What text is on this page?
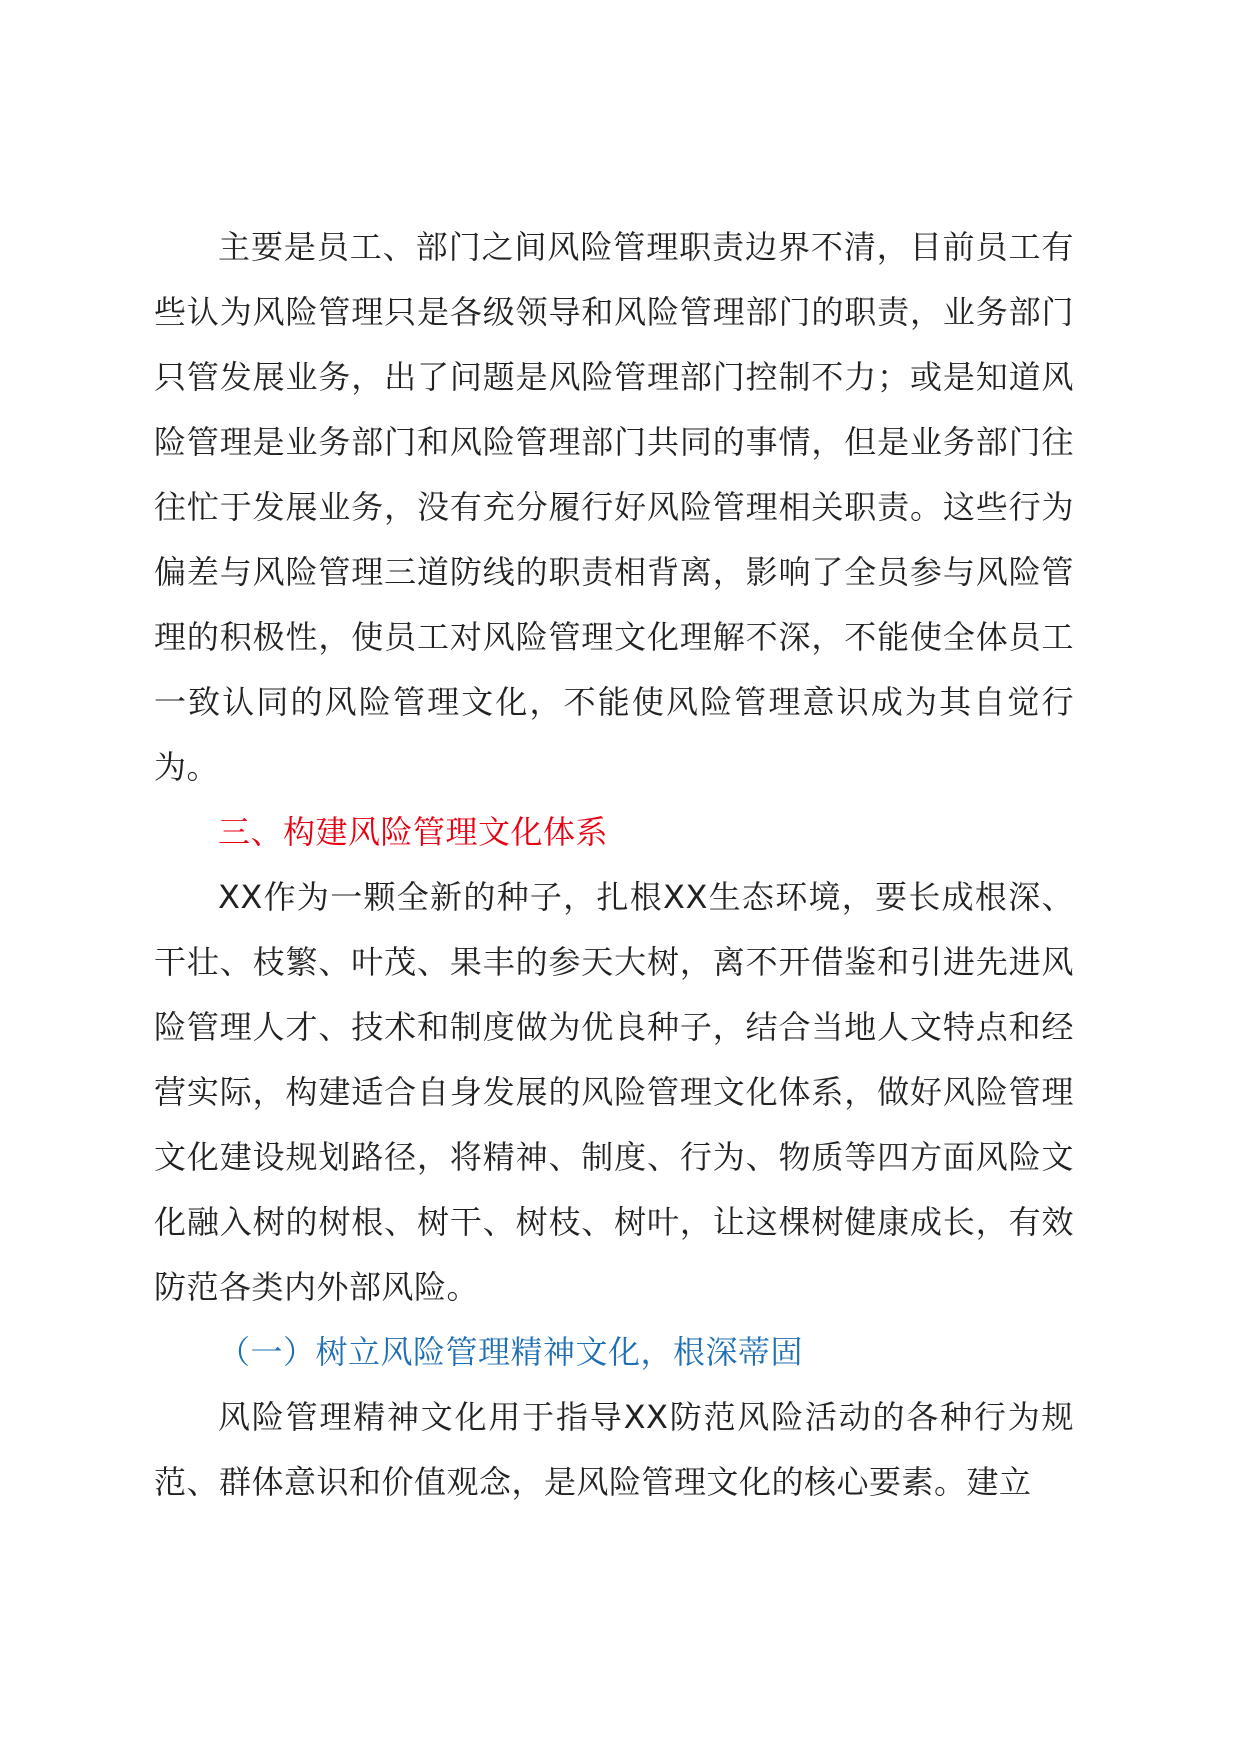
主要是员工、部门之间风险管理职责边界不清，目前员工有些认为风险管理只是各级领导和风险管理部门的职责，业务部门只管发展业务，出了问题是风险管理部门控制不力；或是知道风险管理是业务部门和风险管理部门共同的事情，但是业务部门往往忙于发展业务，没有充分履行好风险管理相关职责。这些行为偏差与风险管理三道防线的职责相背离，影响了全员参与风险管理的积极性，使员工对风险管理文化理解不深，不能使全体员工一致认同的风险管理文化，不能使风险管理意识成为其自觉行为。

三、构建风险管理文化体系

XX作为一颗全新的种子，扎根XX生态环境，要长成根深、干壮、枝繁、叶茂、果丰的参天大树，离不开借鉴和引进先进风险管理人才、技术和制度做为优良种子，结合当地人文特点和经营实际，构建适合自身发展的风险管理文化体系，做好风险管理文化建设规划路径，将精神、制度、行为、物质等四方面风险文化融入树的树根、树干、树枝、树叶，让这棵树健康成长，有效防范各类内外部风险。

（一）树立风险管理精神文化，根深蒂固

风险管理精神文化用于指导XX防范风险活动的各种行为规范、群体意识和价值观念，是风险管理文化的核心要素。建立
